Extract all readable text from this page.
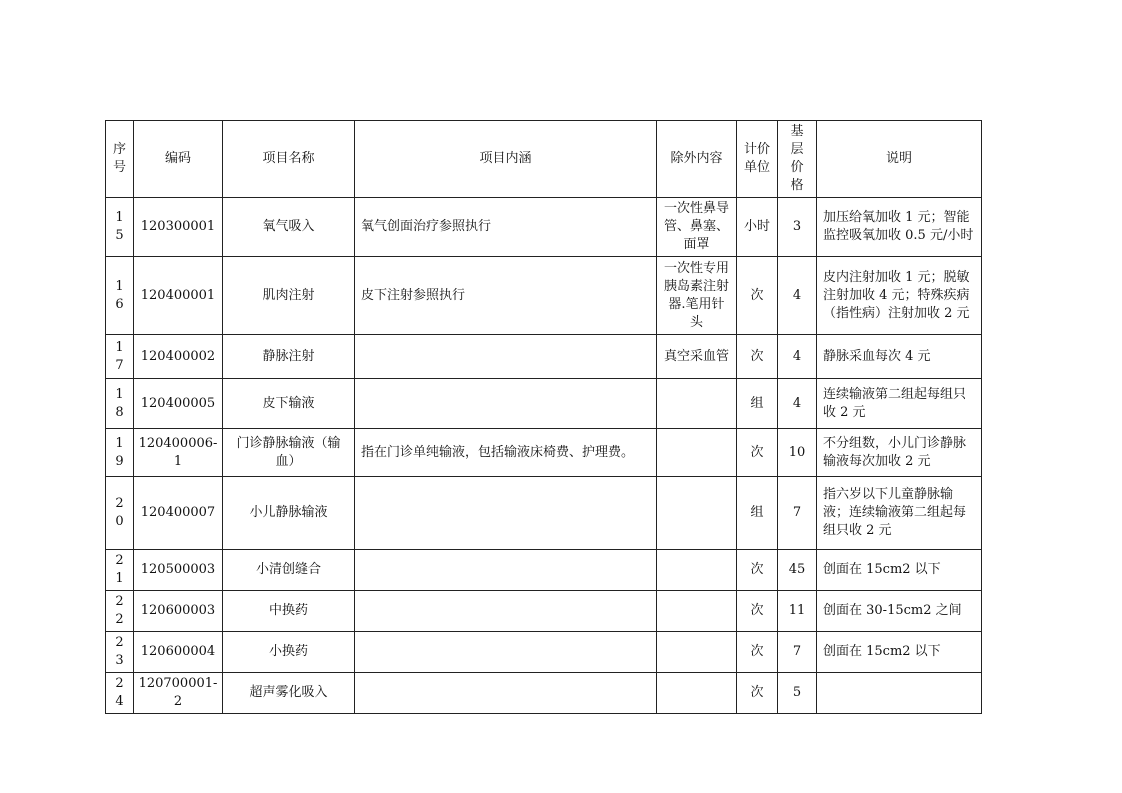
序号	编码	项目名称	项目内涵	除外内容	计价单位	基层价格	说明
15	120300001	氧气吸入	氧气创面治疗参照执行	一次性鼻导管、鼻塞、面罩	小时	3	加压给氧加收 1 元；智能监控吸氧加收 0.5 元/小时
16	120400001	肌肉注射	皮下注射参照执行	一次性专用胰岛素注射器.笔用针头	次	4	皮内注射加收 1 元；脱敏注射加收 4 元；特殊疾病（指性病）注射加收 2 元
17	120400002	静脉注射		真空采血管	次	4	静脉采血每次 4 元
18	120400005	皮下输液			组	4	连续输液第二组起每组只收 2 元
19	120400006-1	门诊静脉输液（输血）	指在门诊单纯输液，包括输液床椅费、护理费。		次	10	不分组数，小儿门诊静脉输液每次加收 2 元
20	120400007	小儿静脉输液			组	7	指六岁以下儿童静脉输液；连续输液第二组起每组只收 2 元
21	120500003	小清创缝合			次	45	创面在 15cm2 以下
22	120600003	中换药			次	11	创面在 30-15cm2 之间
23	120600004	小换药			次	7	创面在 15cm2 以下
24	120700001-2	超声雾化吸入			次	5	
